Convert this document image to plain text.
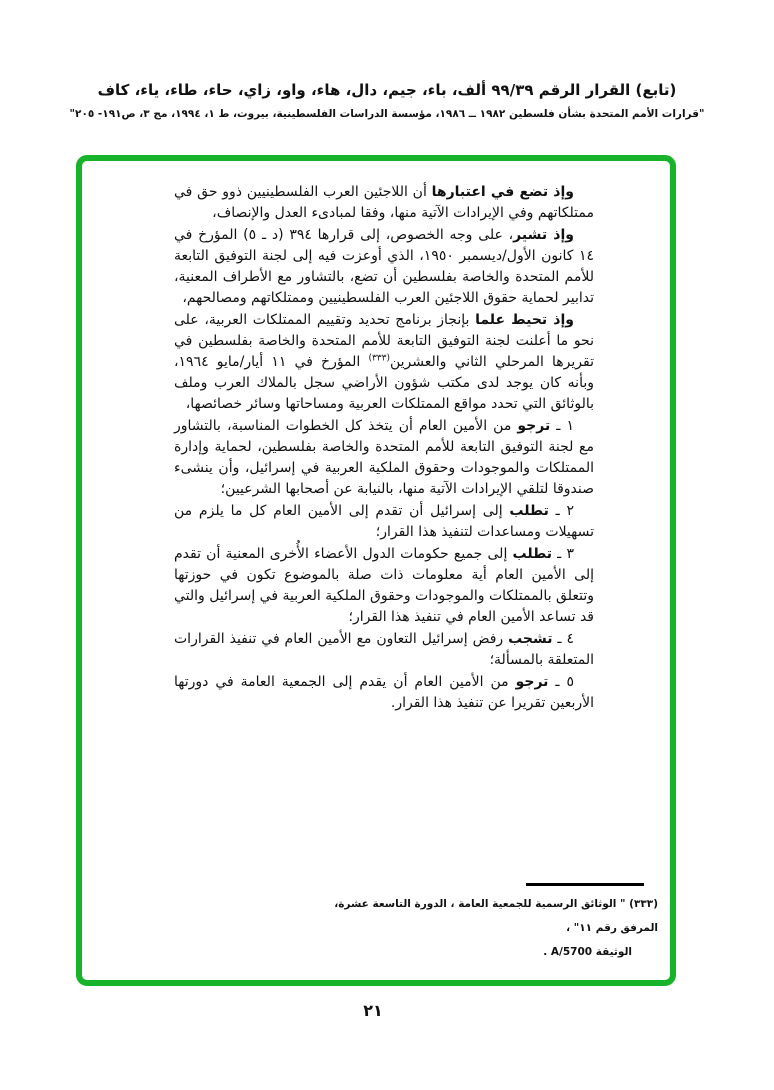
(تابع) القرار الرقم ٩٩/٣٩ ألف، باء، جيم، دال، هاء، واو، زاي، حاء، طاء، ياء، كاف

"قرارات الأمم المتحدة بشأن فلسطين ١٩٨٢ ــ ١٩٨٦، مؤسسة الدراسات الفلسطينية، بيروت، ط ١، ١٩٩٤، مج ٣، ص١٩١- ٢٠٥"

وإذ تضع في اعتبارها أن اللاجئين العرب الفلسطينيين ذوو حق في ممتلكاتهم وفي الإيرادات الآتية منها، وفقا لمبادىء العدل والإنصاف،

وإذ تشير، على وجه الخصوص، إلى قرارها ٣٩٤ (د ـ ٥) المؤرخ في ١٤ كانون الأول/ديسمبر ١٩٥٠، الذي أوعزت فيه إلى لجنة التوفيق التابعة للأمم المتحدة والخاصة بفلسطين أن تضع، بالتشاور مع الأطراف المعنية، تدابير لحماية حقوق اللاجئين العرب الفلسطينيين وممتلكاتهم ومصالحهم،

وإذ تحيط علما بإنجاز برنامج تحديد وتقييم الممتلكات العربية، على نحو ما أعلنت لجنة التوفيق التابعة للأمم المتحدة والخاصة بفلسطين في تقريرها المرحلي الثاني والعشرين$^{(٣٣٣)}$ المؤرخ في ١١ أيار/مايو ١٩٦٤، وبأنه كان يوجد لدى مكتب شؤون الأراضي سجل بالملاك العرب وملف بالوثائق التي تحدد مواقع الممتلكات العربية ومساحاتها وسائر خصائصها،

١ ـ ترجو من الأمين العام أن يتخذ كل الخطوات المناسبة، بالتشاور مع لجنة التوفيق التابعة للأمم المتحدة والخاصة بفلسطين، لحماية وإدارة الممتلكات والموجودات وحقوق الملكية العربية في إسرائيل، وأن ينشىء صندوقا لتلقي الإيرادات الآتية منها، بالنيابة عن أصحابها الشرعيين؛

٢ ـ تطلب إلى إسرائيل أن تقدم إلى الأمين العام كل ما يلزم من تسهيلات ومساعدات لتنفيذ هذا القرار؛

٣ ـ تطلب إلى جميع حكومات الدول الأعضاء الأُخرى المعنية أن تقدم إلى الأمين العام أية معلومات ذات صلة بالموضوع تكون في حوزتها وتتعلق بالممتلكات والموجودات وحقوق الملكية العربية في إسرائيل والتي قد تساعد الأمين العام في تنفيذ هذا القرار؛

٤ ـ تشجب رفض إسرائيل التعاون مع الأمين العام في تنفيذ القرارات المتعلقة بالمسألة؛

٥ ـ ترجو من الأمين العام أن يقدم إلى الجمعية العامة في دورتها الأربعين تقريرا عن تنفيذ هذا القرار.

(٣٣٣) " الوثائق الرسمية للجمعية العامة ، الدورة التاسعة عشرة، المرفق رقم ١١" ،
الوثيقة A/5700 .
٢١
